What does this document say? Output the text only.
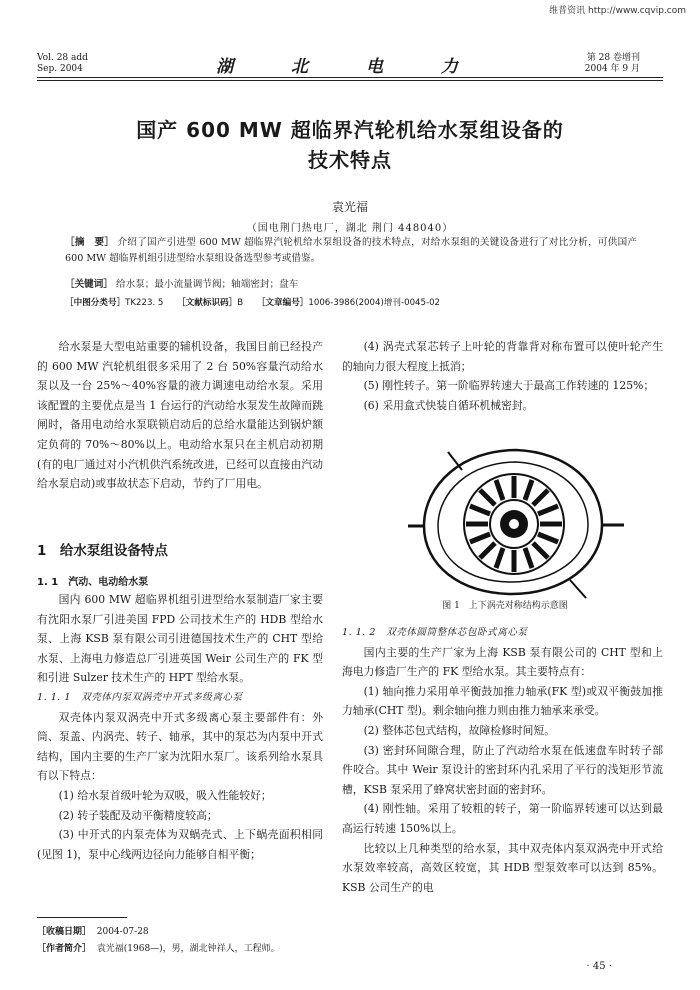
维普资讯 http://www.cqvip.com
Vol. 28 add
Sep. 2004	湖 北 电 力	第 28 卷增刊
2004 年 9 月
国产 600 MW 超临界汽轮机给水泵组设备的
技术特点
袁光福
（国电荆门热电厂，湖北 荆门 448040）
［摘　要］ 介绍了国产引进型 600 MW 超临界汽轮机给水泵组设备的技术特点，对给水泵组的关键设备进行了对比分析，可供国产 600 MW 超临界机组引进型给水泵组设备选型参考或借鉴。
［关键词］ 给水泵；最小流量调节阀；轴端密封；盘车
［中图分类号］TK223. 5 ［文献标识码］B ［文章编号］1006-3986(2004)增刊-0045-02

给水泵是大型电站重要的辅机设备，我国目前已经投产的 600 MW 汽轮机组很多采用了 2 台 50%容量汽动给水泵以及一台 25%～40%容量的液力调速电动给水泵。采用该配置的主要优点是当 1 台运行的汽动给水泵发生故障而跳闸时，备用电动给水泵联锁启动后的总给水量能达到锅炉额定负荷的 70%～80%以上。电动给水泵只在主机启动初期(有的电厂通过对小汽机供汽系统改进，已经可以直接由汽动给水泵启动)或事故状态下启动，节约了厂用电。

1　给水泵组设备特点
1. 1　汽动、电动给水泵

国内 600 MW 超临界机组引进型给水泵制造厂家主要有沈阳水泵厂引进美国 FPD 公司技术生产的 HDB 型给水泵、上海 KSB 泵有限公司引进德国技术生产的 CHT 型给水泵、上海电力修造总厂引进英国 Weir 公司生产的 FK 型和引进 Sulzer 技术生产的 HPT 型给水泵。

1. 1. 1　双壳体内泵双涡壳中开式多级离心泵

双壳体内泵双涡壳中开式多级离心泵主要部件有：外筒、泵盖、内涡壳、转子、轴承，其中的泵芯为内泵中开式结构，国内主要的生产厂家为沈阳水泵厂。该系列给水泵具有以下特点：

(1) 给水泵首级叶轮为双吸，吸入性能较好；

(2) 转子装配及动平衡精度较高；

(3) 中开式的内泵壳体为双蜗壳式、上下蜗壳面积相同(见图 1)，泵中心线两边径向力能够自相平衡；

(4) 涡壳式泵芯转子上叶轮的背靠背对称布置可以使叶轮产生的轴向力很大程度上抵消；

(5) 刚性转子。第一阶临界转速大于最高工作转速的 125%；

(6) 采用盒式快装自循环机械密封。

图 1　上下涡壳对称结构示意图
1. 1. 2　双壳体圆筒整体芯包卧式离心泵

国内主要的生产厂家为上海 KSB 泵有限公司的 CHT 型和上海电力修造厂生产的 FK 型给水泵。其主要特点有：

(1) 轴向推力采用单平衡鼓加推力轴承(FK 型)或双平衡鼓加推力轴承(CHT 型)。剩余轴向推力则由推力轴承来承受。

(2) 整体芯包式结构，故障检修时间短。

(3) 密封环间隙合理，防止了汽动给水泵在低速盘车时转子部件咬合。其中 Weir 泵设计的密封环内孔采用了平行的浅矩形节流槽，KSB 泵采用了蜂窝状密封面的密封环。

(4) 刚性轴。采用了较粗的转子，第一阶临界转速可以达到最高运行转速 150%以上。

比较以上几种类型的给水泵，其中双壳体内泵双涡壳中开式给水泵效率较高，高效区较宽，其 HDB 型泵效率可以达到 85%。KSB 公司生产的电

［收稿日期］ 2004-07-28
［作者简介］ 袁光福(1968—)，男，湖北钟祥人，工程师。
· 45 ·
